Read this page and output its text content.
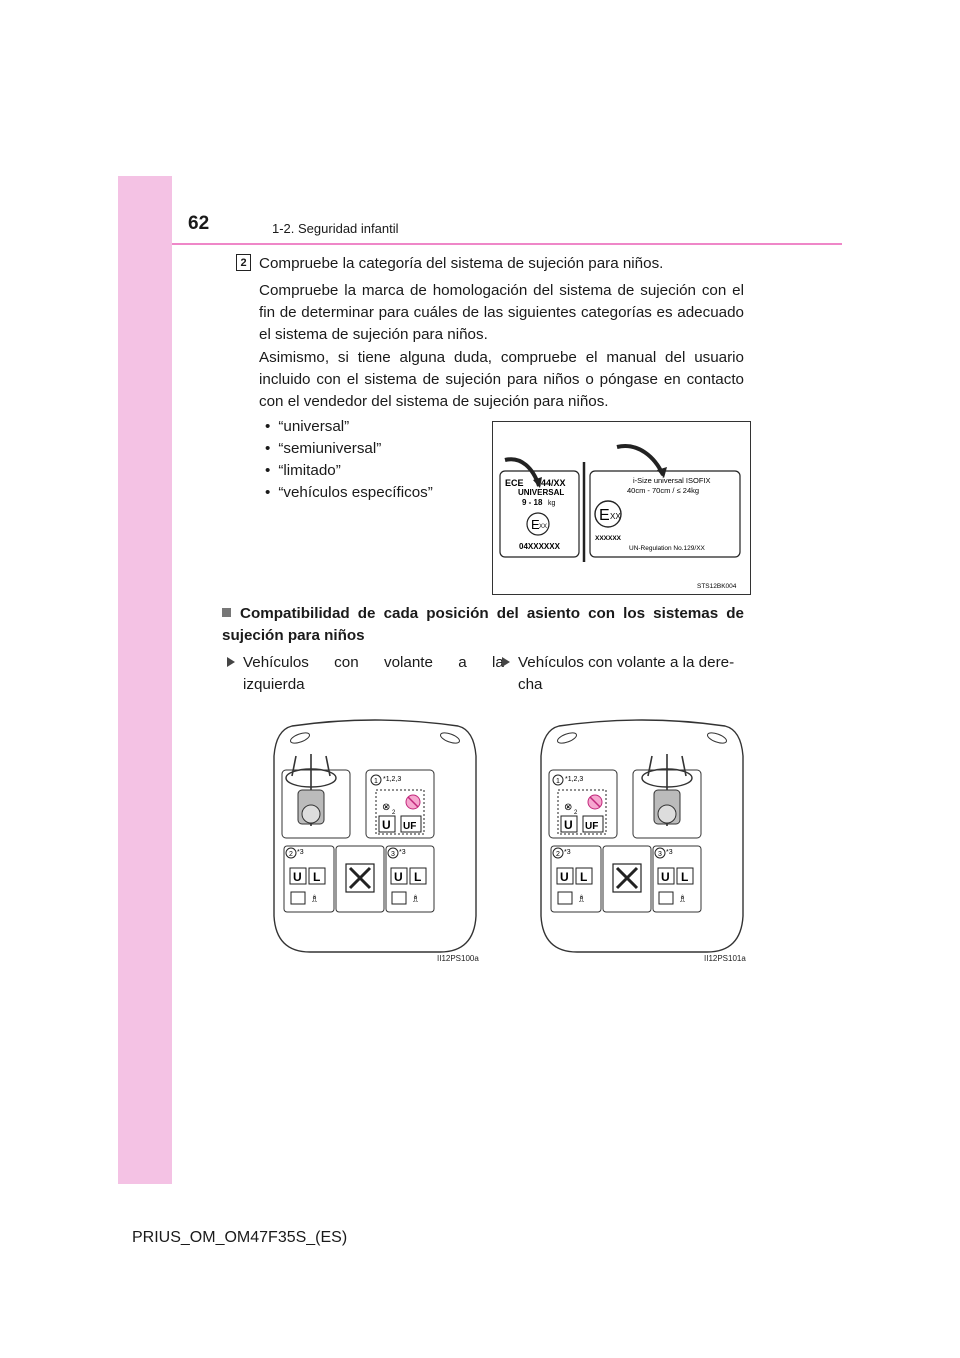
62	1-2. Seguridad infantil
2 Compruebe la categoría del sistema de sujeción para niños.

Compruebe la marca de homologación del sistema de sujeción con el fin de determinar para cuáles de las siguientes categorías es adecuado el sistema de sujeción para niños.

Asimismo, si tiene alguna duda, compruebe el manual del usuario incluido con el sistema de sujeción para niños o póngase en contacto con el vendedor del sistema de sujeción para niños.

• “universal”
• “semiuniversal”
• “limitado”
• “vehículos específicos”
ECE 44/XX
UNIVERSAL
9 - 18 kg
E XX
04XXXXXX
i-Size universal ISOFIX
40cm - 70cm / ≤ 24kg
E XX
XXXXXX
UN-Regulation No.129/XX
STS12BK004
Compatibilidad de cada posición del asiento con los sistemas de sujeción para niños
Vehículos      con      volante      a      la
izquierda
Vehículos con volante a la dere-
cha
1 *1,2,3
⊗ 2
U UF
2 *3
U L
♗
3 *3
U L
♗
II12PS100a
1 *1,2,3
⊗ 2
U UF
2 *3
U L
♗
3 *3
U L
♗
II12PS101a
PRIUS_OM_OM47F35S_(ES)
